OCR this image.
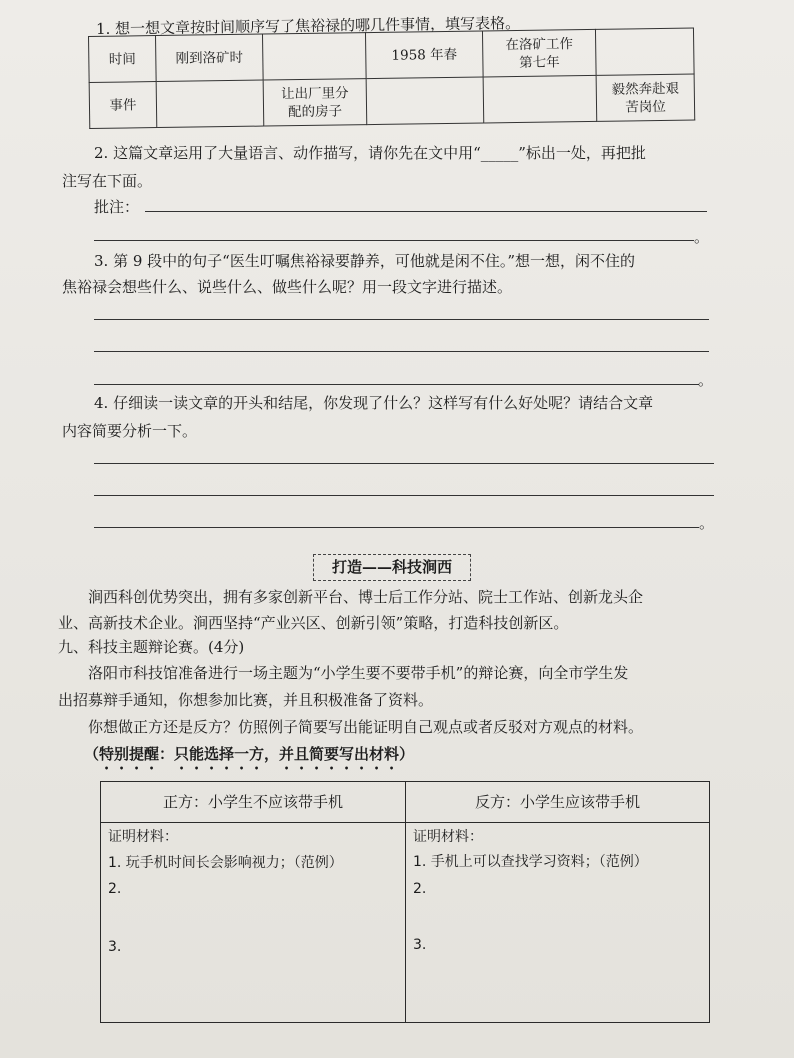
1. 想一想文章按时间顺序写了焦裕禄的哪几件事情，填写表格。
时间	刚到洛矿时		1958 年春	在洛矿工作
第七年	
事件		让出厂里分
配的房子			毅然奔赴艰
苦岗位
2. 这篇文章运用了大量语言、动作描写，请你先在文中用“_____”标出一处，再把批
注写在下面。
批注：
。
3. 第 9 段中的句子“医生叮嘱焦裕禄要静养，可他就是闲不住。”想一想，闲不住的
焦裕禄会想些什么、说些什么、做些什么呢？用一段文字进行描述。
。
4. 仔细读一读文章的开头和结尾，你发现了什么？这样写有什么好处呢？请结合文章
内容简要分析一下。
。
打造——科技涧西
涧西科创优势突出，拥有多家创新平台、博士后工作分站、院士工作站、创新龙头企
业、高新技术企业。涧西坚持“产业兴区、创新引领”策略，打造科技创新区。
九、科技主题辩论赛。(4分)
洛阳市科技馆准备进行一场主题为“小学生要不要带手机”的辩论赛，向全市学生发
出招募辩手通知，你想参加比赛，并且积极准备了资料。
你想做正方还是反方？仿照例子简要写出能证明自己观点或者反驳对方观点的材料。
（特别提醒：只能选择一方，并且简要写出材料）
正方：小学生不应该带手机
证明材料：
1. 玩手机时间长会影响视力；（范例）
2.
3.
反方：小学生应该带手机
证明材料：
1. 手机上可以查找学习资料；（范例）
2.
3.
